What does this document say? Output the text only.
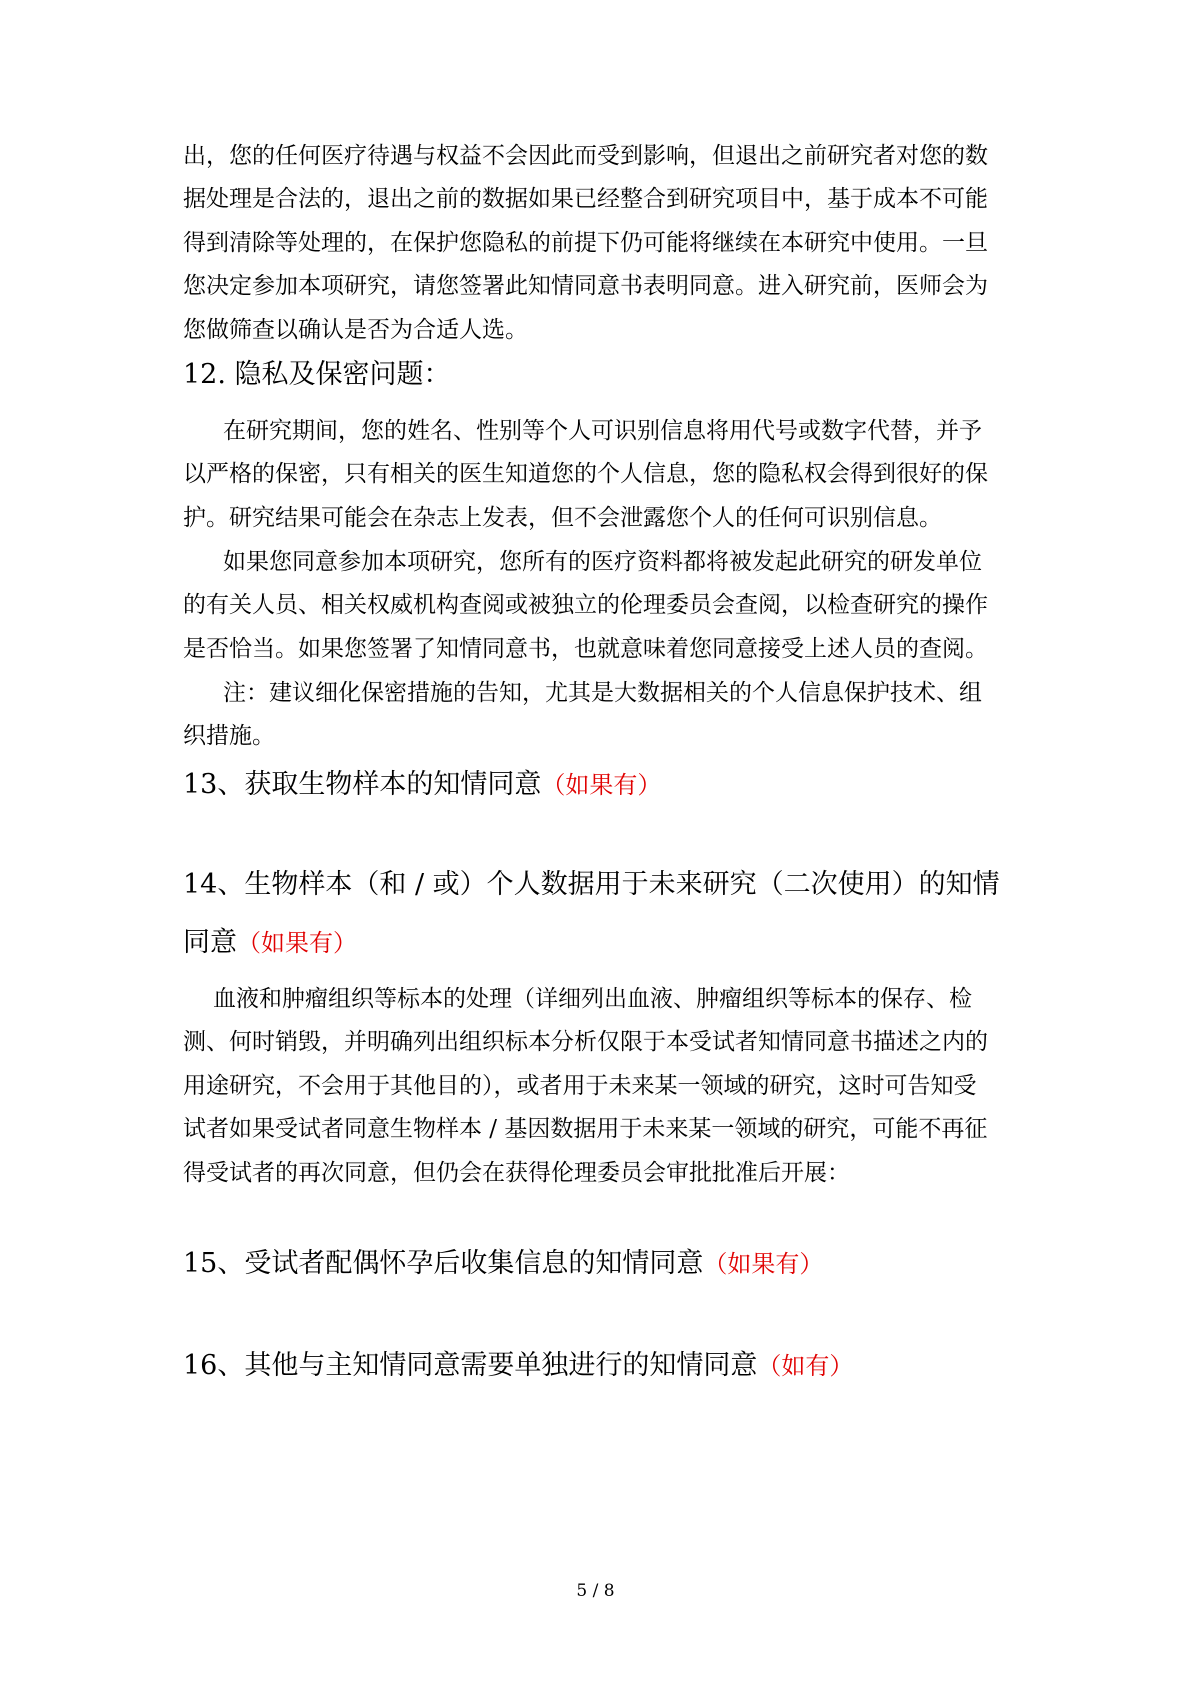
出，您的任何医疗待遇与权益不会因此而受到影响，但退出之前研究者对您的数
据处理是合法的，退出之前的数据如果已经整合到研究项目中，基于成本不可能
得到清除等处理的，在保护您隐私的前提下仍可能将继续在本研究中使用。一旦
您决定参加本项研究，请您签署此知情同意书表明同意。进入研究前，医师会为
您做筛查以确认是否为合适人选。
12. 隐私及保密问题：
在研究期间，您的姓名、性别等个人可识别信息将用代号或数字代替，并予
以严格的保密，只有相关的医生知道您的个人信息，您的隐私权会得到很好的保
护。研究结果可能会在杂志上发表，但不会泄露您个人的任何可识别信息。
如果您同意参加本项研究，您所有的医疗资料都将被发起此研究的研发单位
的有关人员、相关权威机构查阅或被独立的伦理委员会查阅，以检查研究的操作
是否恰当。如果您签署了知情同意书，也就意味着您同意接受上述人员的查阅。
注：建议细化保密措施的告知，尤其是大数据相关的个人信息保护技术、组
织措施。
13、获取生物样本的知情同意（如果有）
14、生物样本（和 / 或）个人数据用于未来研究（二次使用）的知情
同意（如果有）
血液和肿瘤组织等标本的处理（详细列出血液、肿瘤组织等标本的保存、检
测、何时销毁，并明确列出组织标本分析仅限于本受试者知情同意书描述之内的
用途研究，不会用于其他目的），或者用于未来某一领域的研究，这时可告知受
试者如果受试者同意生物样本 / 基因数据用于未来某一领域的研究，可能不再征
得受试者的再次同意，但仍会在获得伦理委员会审批批准后开展：
15、受试者配偶怀孕后收集信息的知情同意（如果有）
16、其他与主知情同意需要单独进行的知情同意（如有）
5 / 8
